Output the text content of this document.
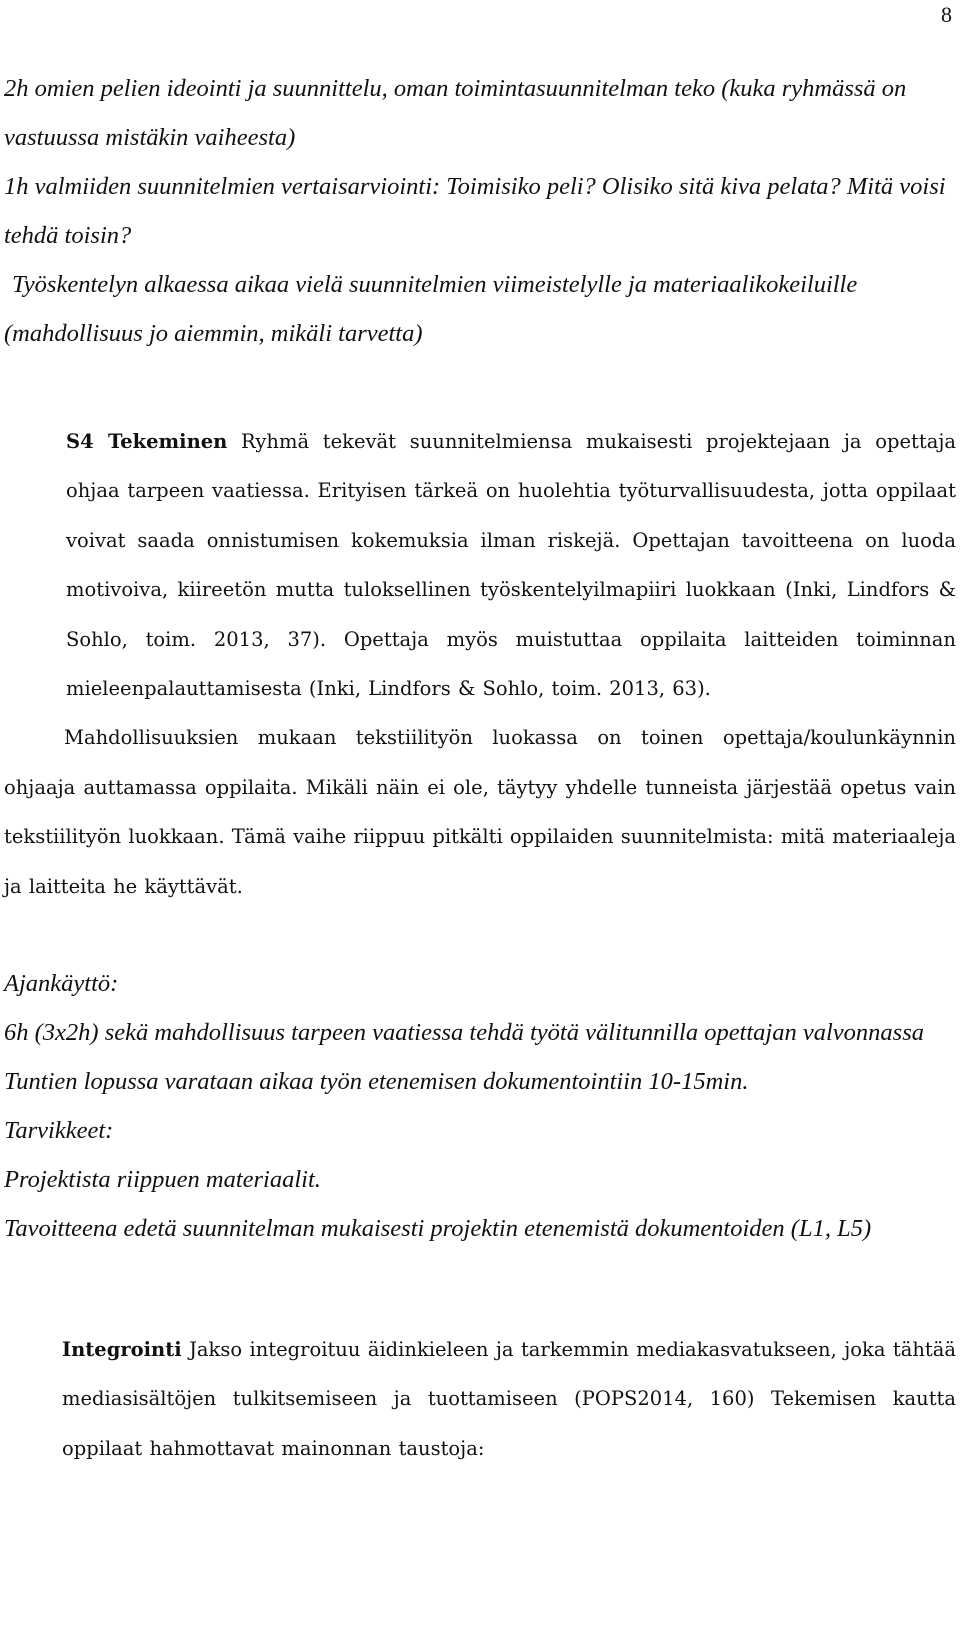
8

2h omien pelien ideointi ja suunnittelu, oman toimintasuunnitelman teko (kuka ryhmässä on vastuussa mistäkin vaiheesta)

1h valmiiden suunnitelmien vertaisarviointi: Toimisiko peli? Olisiko sitä kiva pelata? Mitä voisi tehdä toisin?

Työskentelyn alkaessa aikaa vielä suunnitelmien viimeistelylle ja materiaalikokeiluille (mahdollisuus jo aiemmin, mikäli tarvetta)

S4 Tekeminen Ryhmä tekevät suunnitelmiensa mukaisesti projektejaan ja opettaja ohjaa tarpeen vaatiessa. Erityisen tärkeä on huolehtia työturvallisuudesta, jotta oppilaat voivat saada onnistumisen kokemuksia ilman riskejä. Opettajan tavoitteena on luoda motivoiva, kiireetön mutta tuloksellinen työskentelyilmapiiri luokkaan (Inki, Lindfors & Sohlo, toim. 2013, 37). Opettaja myös muistuttaa oppilaita laitteiden toiminnan mieleenpalauttamisesta (Inki, Lindfors & Sohlo, toim. 2013, 63).

Mahdollisuuksien mukaan tekstiilityön luokassa on toinen opettaja/koulunkäynnin ohjaaja auttamassa oppilaita. Mikäli näin ei ole, täytyy yhdelle tunneista järjestää opetus vain tekstiilityön luokkaan. Tämä vaihe riippuu pitkälti oppilaiden suunnitelmista: mitä materiaaleja ja laitteita he käyttävät.

Ajankäyttö:

6h (3x2h) sekä mahdollisuus tarpeen vaatiessa tehdä työtä välitunnilla opettajan valvonnassa

Tuntien lopussa varataan aikaa työn etenemisen dokumentointiin 10-15min.

Tarvikkeet:

Projektista riippuen materiaalit.

Tavoitteena edetä suunnitelman mukaisesti projektin etenemistä dokumentoiden (L1, L5)

Integrointi Jakso integroituu äidinkieleen ja tarkemmin mediakasvatukseen, joka tähtää mediasisältöjen tulkitsemiseen ja tuottamiseen (POPS2014, 160) Tekemisen kautta oppilaat hahmottavat mainonnan taustoja:
